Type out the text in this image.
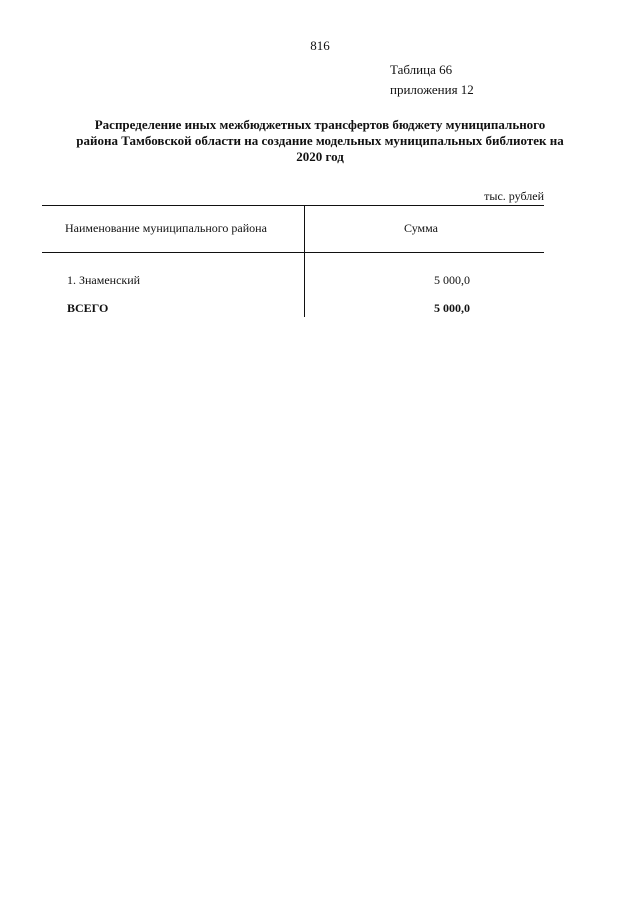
816
Таблица 66
приложения 12
Распределение иных межбюджетных трансфертов бюджету муниципального
района Тамбовской области на создание модельных муниципальных библиотек на
2020 год
тыс. рублей
Наименование муниципального района	Сумма
1. Знаменский	5 000,0
ВСЕГО	5 000,0
